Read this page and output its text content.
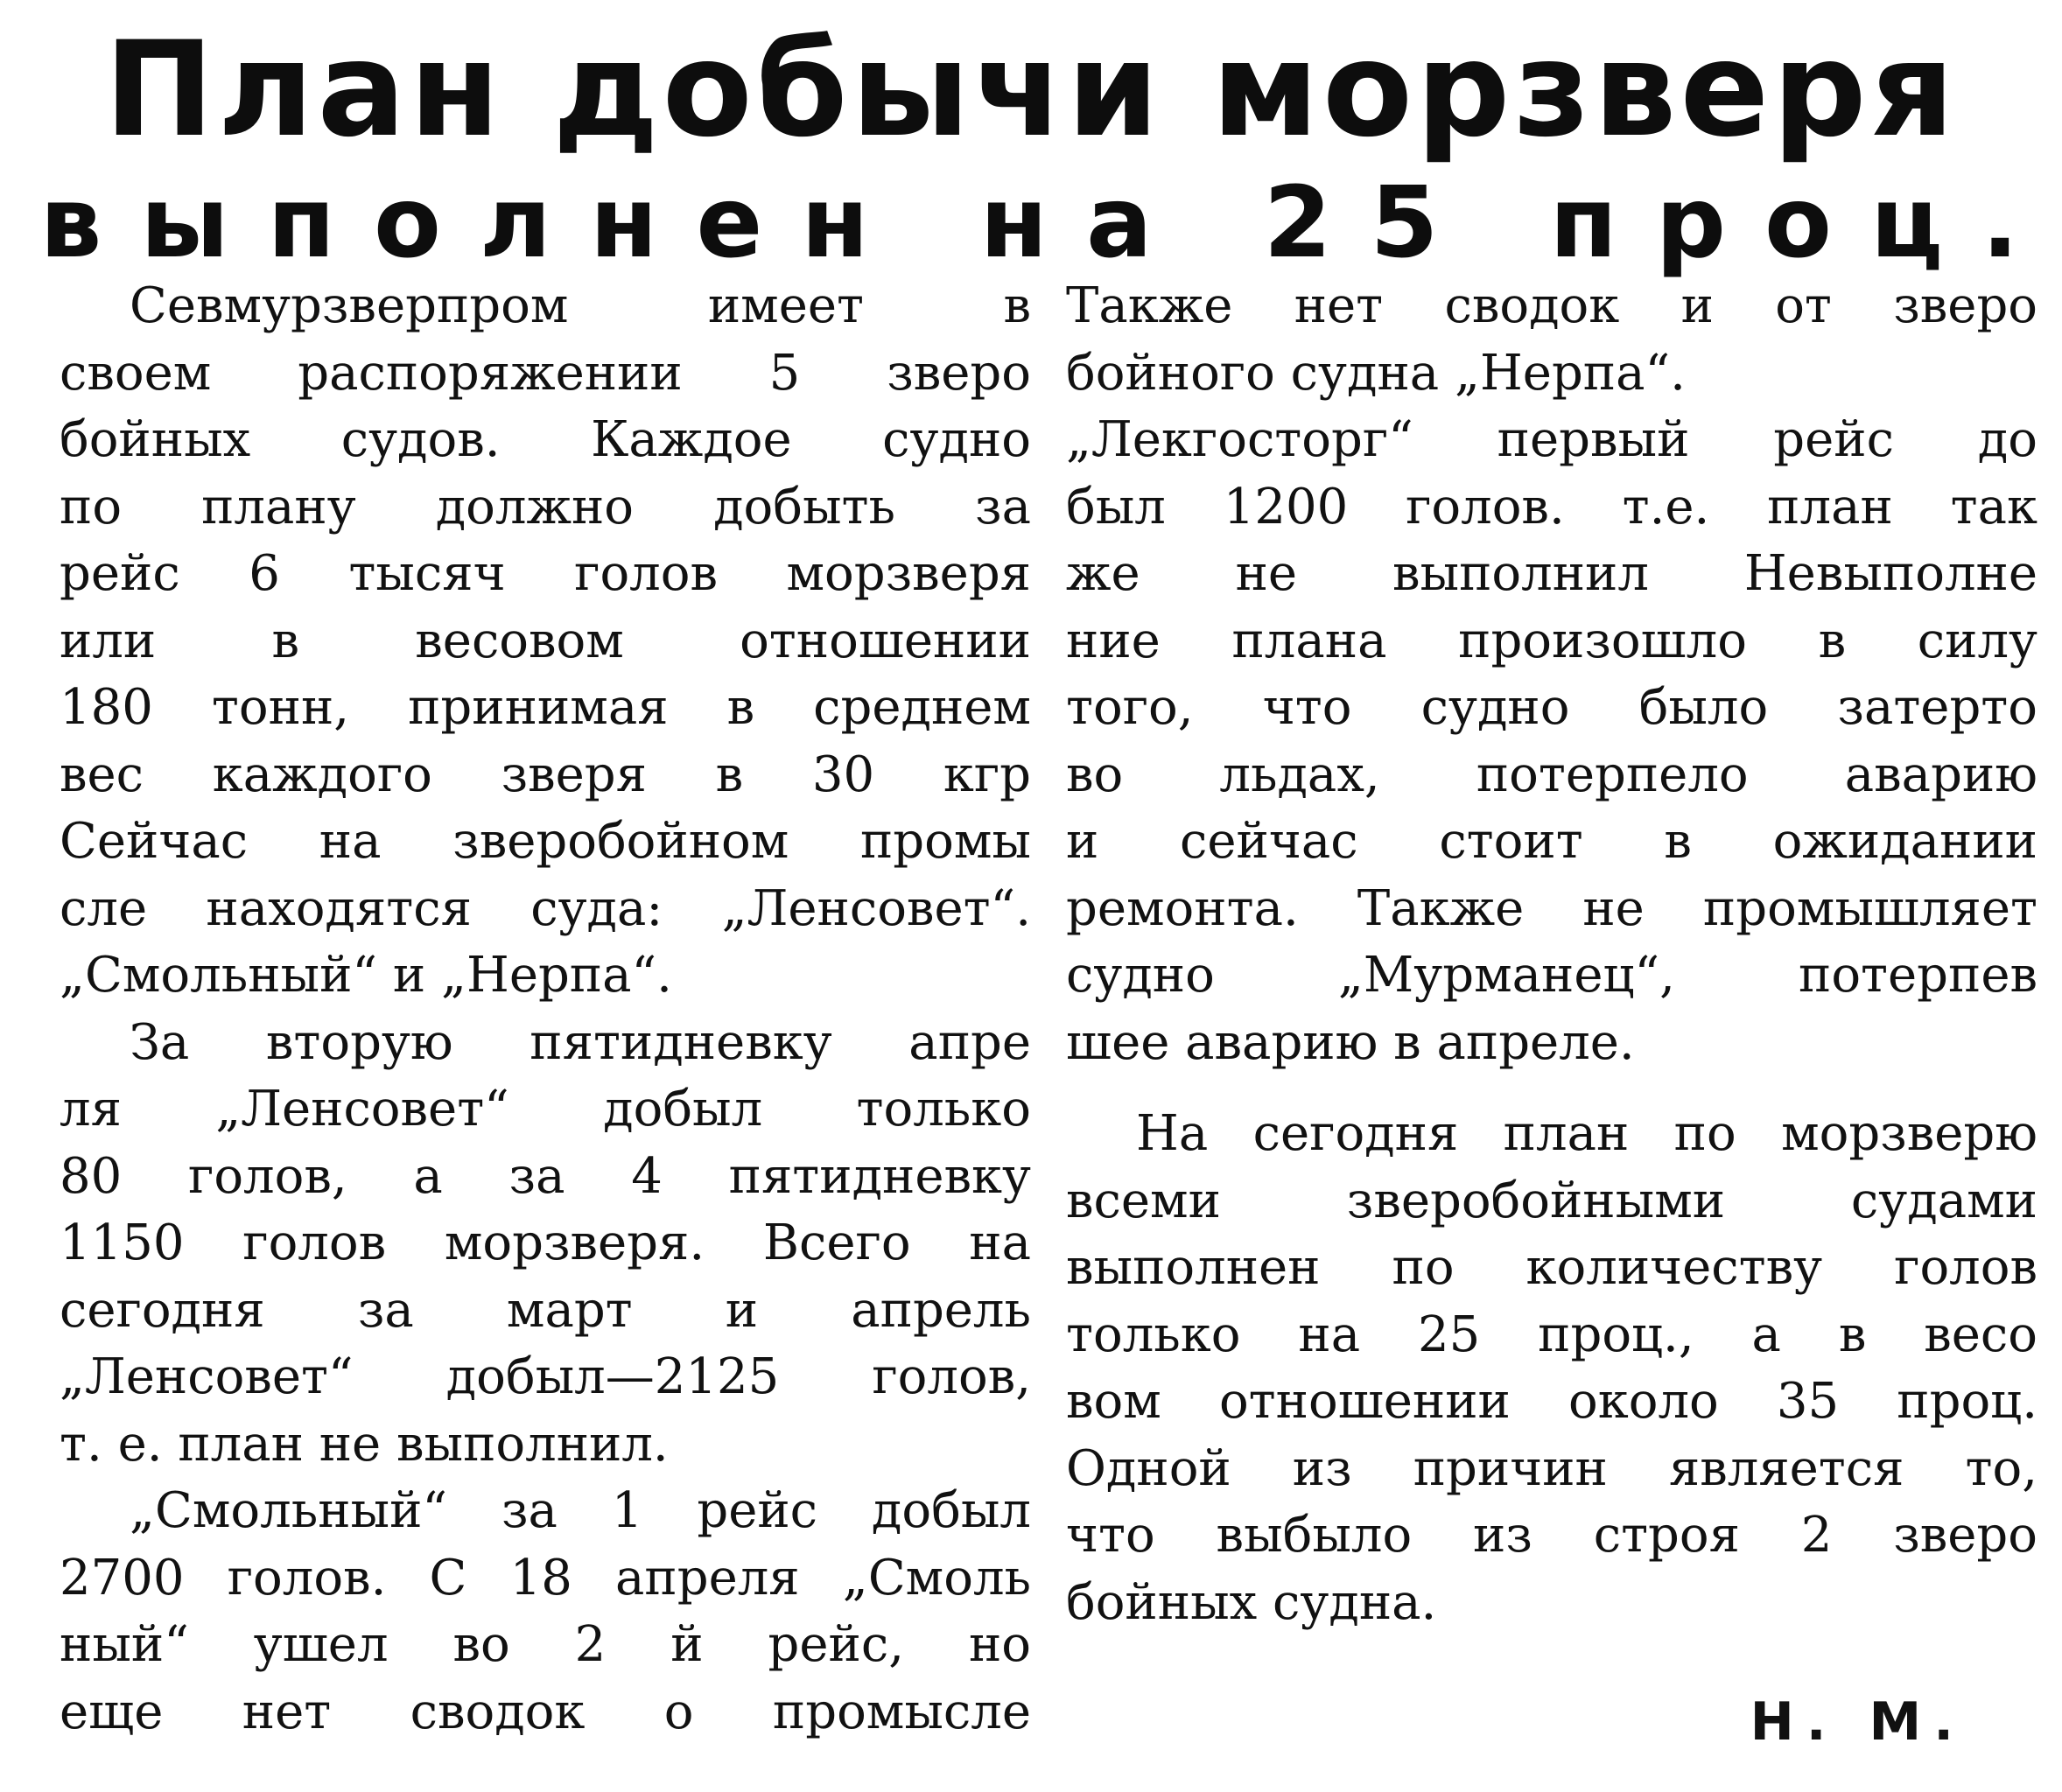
План добычи морзверя
выполнен на 25 проц.
Севмурзверпром имеет в
своем распоряжении 5 зверо
бойных судов. Каждое судно
по плану должно добыть за
рейс 6 тысяч голов морзверя
или в весовом отношении
180 тонн, принимая в среднем
вес каждого зверя в 30 кгр
Сейчас на зверобойном промы
сле находятся суда: „Ленсовет“.
„Смольный“ и „Нерпа“.
За вторую пятидневку апре
ля „Ленсовет“ добыл только
80 голов, а за 4 пятидневку
1150 голов морзверя. Всего на
сегодня за март и апрель
„Ленсовет“ добыл—2125 голов,
т. е. план не выполнил.
„Смольный“ за 1 рейс добыл
2700 голов. С 18 апреля „Смоль
ный“ ушел во 2 й рейс, но
еще нет сводок о промысле
Также нет сводок и от зверо
бойного судна „Нерпа“.
„Лекгосторг“ первый рейс до
был 1200 голов. т.е. план так
же не выполнил Невыполне
ние плана произошло в силу
того, что судно было затерто
во льдах, потерпело аварию
и сейчас стоит в ожидании
ремонта. Также не промышляет
судно „Мурманец“, потерпев
шее аварию в апреле.
На сегодня план по морзверю
всеми зверобойными судами
выполнен по количеству голов
только на 25 проц., а в весо
вом отношении около 35 проц.
Одной из причин является то,
что выбыло из строя 2 зверо
бойных судна.
Н. М.
